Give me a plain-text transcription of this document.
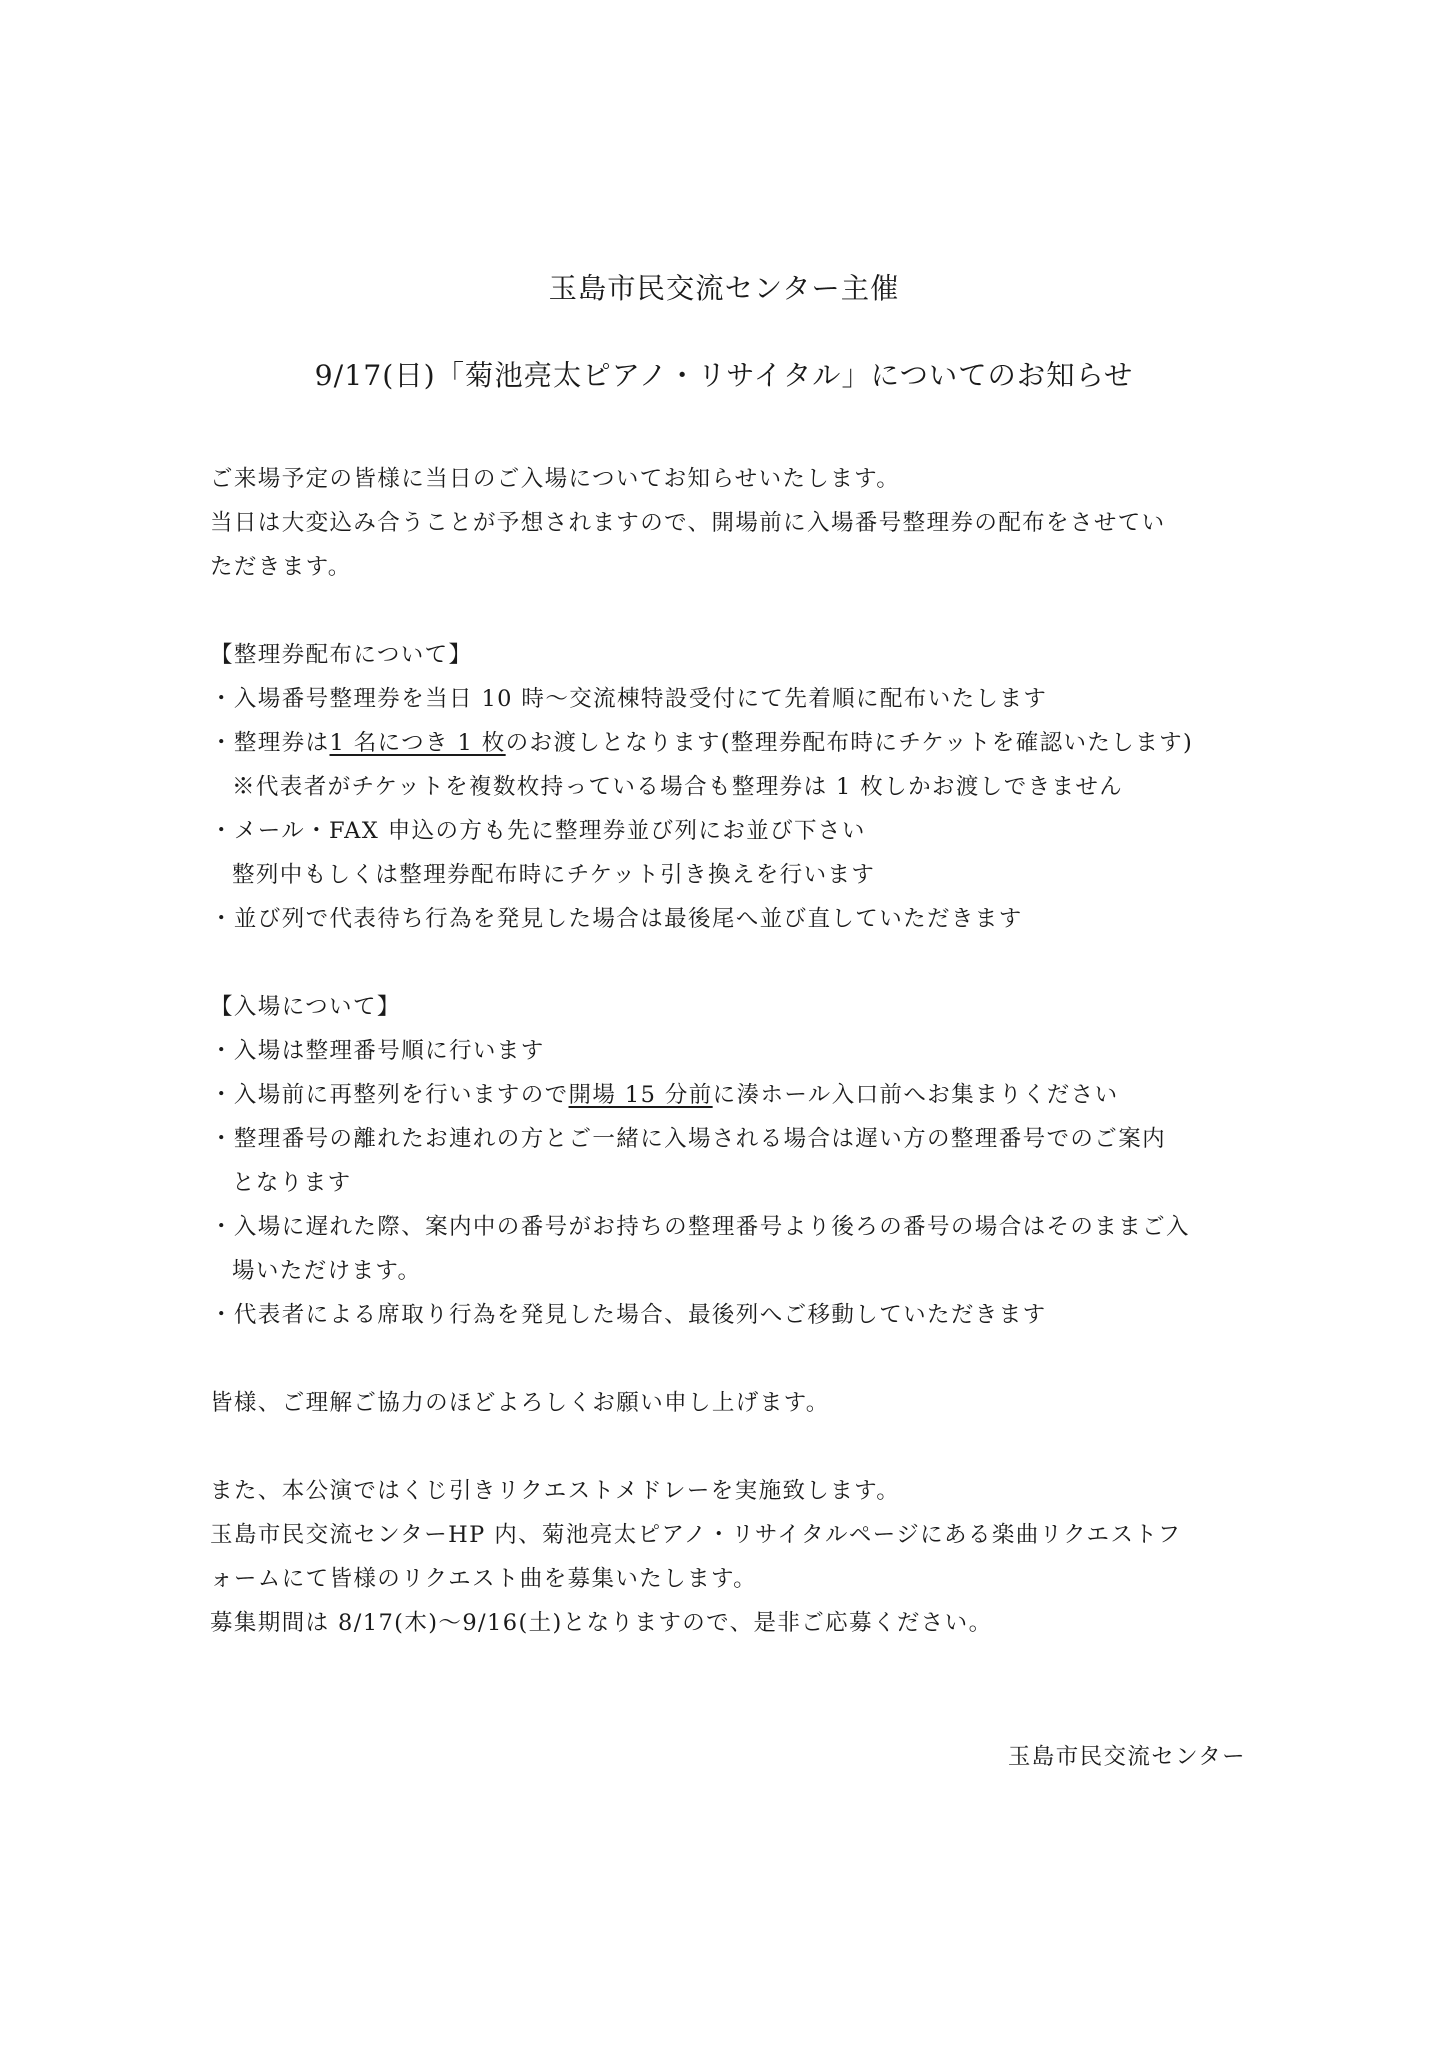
玉島市民交流センター主催
9/17(日)「菊池亮太ピアノ・リサイタル」についてのお知らせ
ご来場予定の皆様に当日のご入場についてお知らせいたします。
当日は大変込み合うことが予想されますので、開場前に入場番号整理券の配布をさせてい
ただきます。
【整理券配布について】
・入場番号整理券を当日 10 時〜交流棟特設受付にて先着順に配布いたします
・整理券は1 名につき 1 枚のお渡しとなります(整理券配布時にチケットを確認いたします)
※代表者がチケットを複数枚持っている場合も整理券は 1 枚しかお渡しできません
・メール・FAX 申込の方も先に整理券並び列にお並び下さい
整列中もしくは整理券配布時にチケット引き換えを行います
・並び列で代表待ち行為を発見した場合は最後尾へ並び直していただきます
【入場について】
・入場は整理番号順に行います
・入場前に再整列を行いますので開場 15 分前に湊ホール入口前へお集まりください
・整理番号の離れたお連れの方とご一緒に入場される場合は遅い方の整理番号でのご案内
となります
・入場に遅れた際、案内中の番号がお持ちの整理番号より後ろの番号の場合はそのままご入
場いただけます。
・代表者による席取り行為を発見した場合、最後列へご移動していただきます
皆様、ご理解ご協力のほどよろしくお願い申し上げます。
また、本公演ではくじ引きリクエストメドレーを実施致します。
玉島市民交流センターHP 内、菊池亮太ピアノ・リサイタルページにある楽曲リクエストフ
ォームにて皆様のリクエスト曲を募集いたします。
募集期間は 8/17(木)〜9/16(土)となりますので、是非ご応募ください。
玉島市民交流センター
